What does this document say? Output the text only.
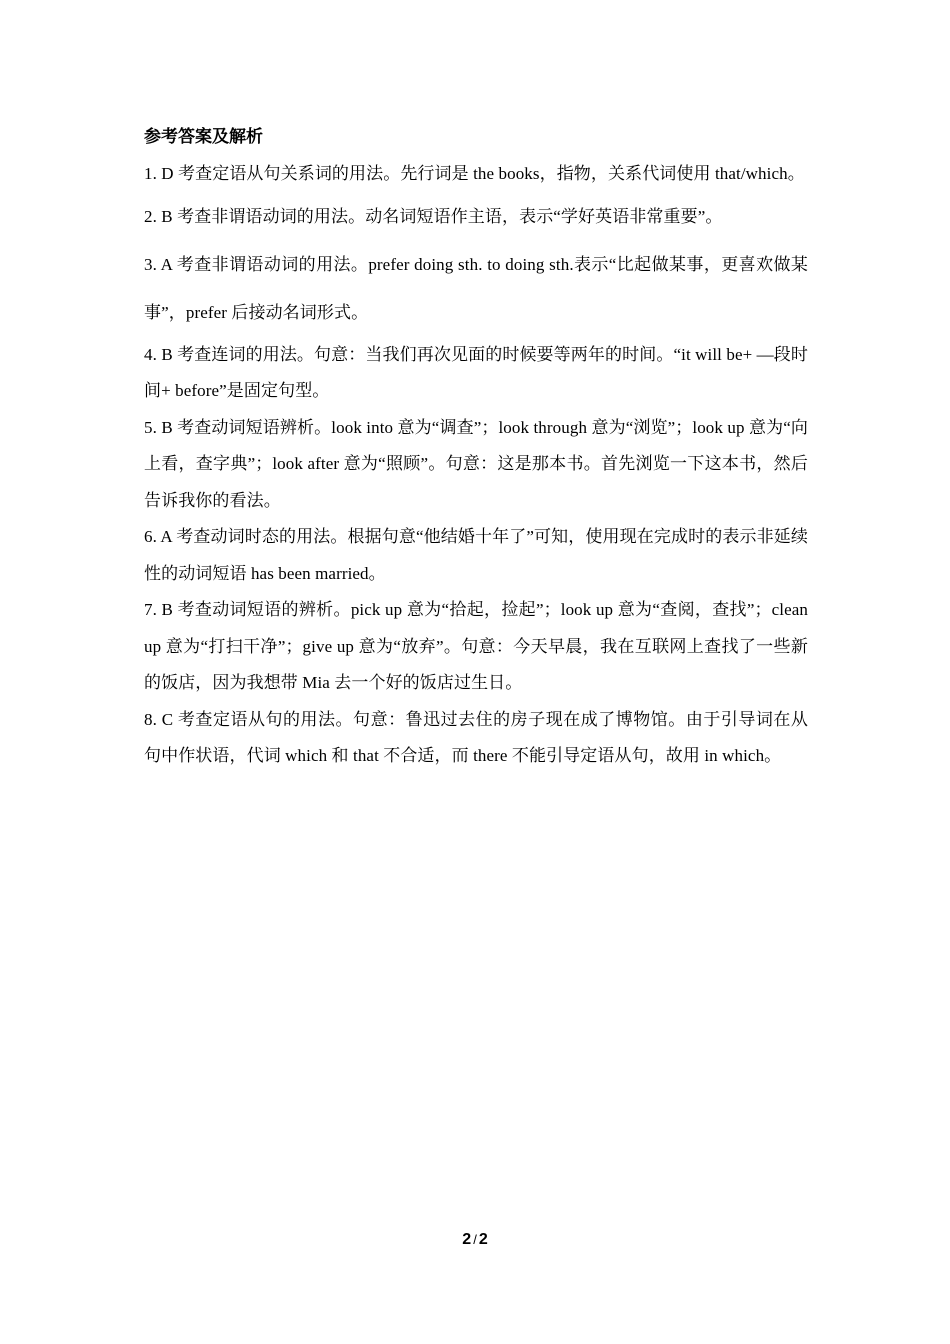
参考答案及解析

1. D 考查定语从句关系词的用法。先行词是 the books，指物，关系代词使用 that/which。

2. B 考查非谓语动词的用法。动名词短语作主语，表示“学好英语非常重要”。

3. A 考查非谓语动词的用法。prefer doing sth. to doing sth.表示“比起做某事，更喜欢做某事”，prefer 后接动名词形式。

4. B 考查连词的用法。句意：当我们再次见面的时候要等两年的时间。“it will be+ —段时间+ before”是固定句型。

5. B 考查动词短语辨析。look into 意为“调查”；look through 意为“浏览”；look up 意为“向上看，查字典”；look after 意为“照顾”。句意：这是那本书。首先浏览一下这本书，然后告诉我你的看法。

6. A 考查动词时态的用法。根据句意“他结婚十年了”可知，使用现在完成时的表示非延续性的动词短语 has been married。

7. B 考查动词短语的辨析。pick up 意为“拾起，捡起”；look up 意为“查阅，查找”；clean up 意为“打扫干净”；give up 意为“放弃”。句意：今天早晨，我在互联网上查找了一些新的饭店，因为我想带 Mia 去一个好的饭店过生日。

8. C 考查定语从句的用法。句意：鲁迅过去住的房子现在成了博物馆。由于引导词在从句中作状语，代词 which 和 that 不合适，而 there 不能引导定语从句，故用 in which。

2 / 2
